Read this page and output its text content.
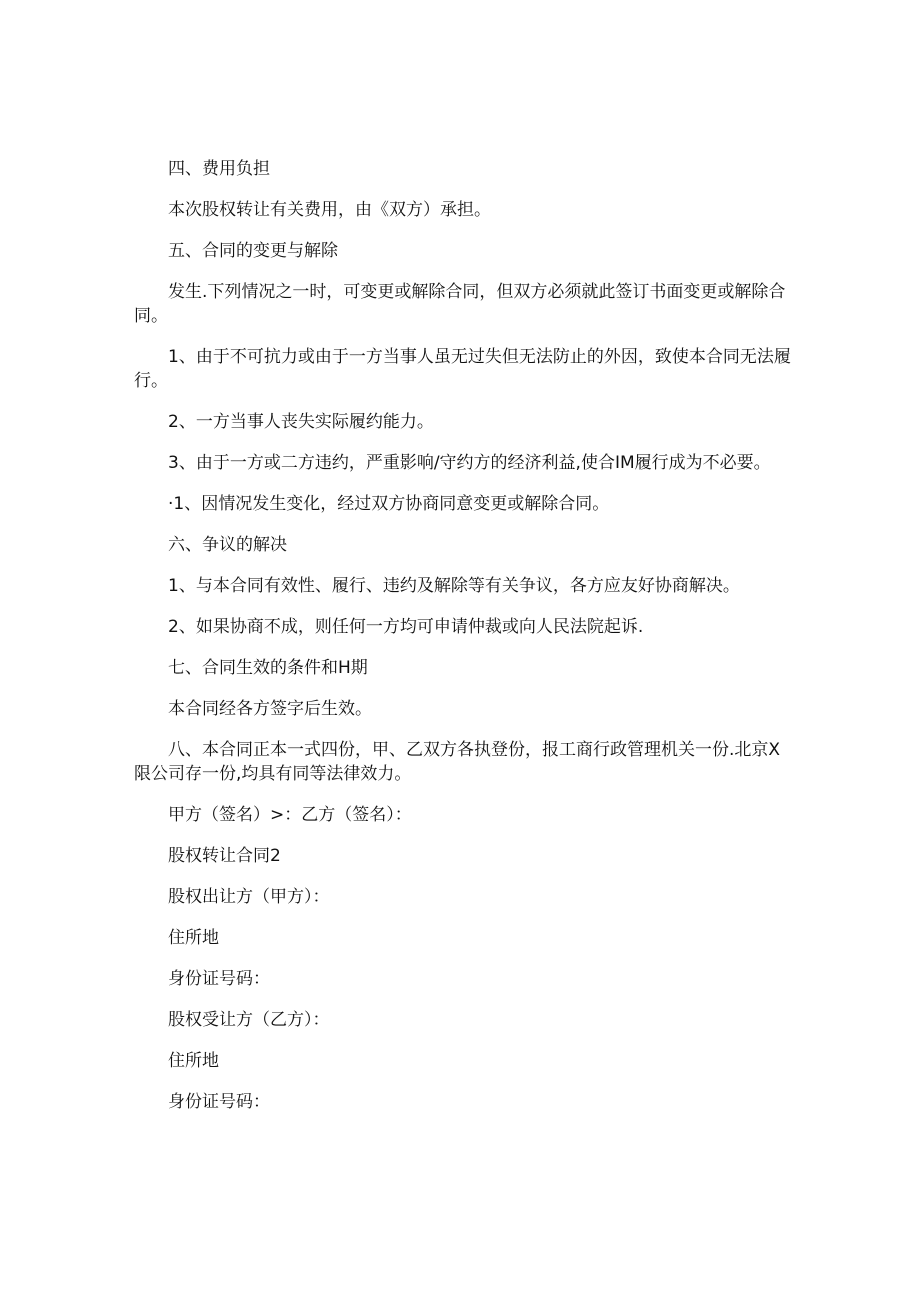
四、费用负担

本次股权转让有关费用，由《双方）承担。

五、合同的变更与解除

发生.下列情况之一时，可变更或解除合同，但双方必须就此签订书面变更或解除合同。

1、由于不可抗力或由于一方当事人虽无过失但无法防止的外因，致使本合同无法履行。

2、一方当事人丧失实际履约能力。

3、由于一方或二方违约，严重影响/守约方的经济利益,使合IM履行成为不必要。

·1、因情况发生变化，经过双方协商同意变更或解除合同。

六、争议的解决

1、与本合同有效性、履行、违约及解除等有关争议，各方应友好协商解决。

2、如果协商不成，则任何一方均可申请仲裁或向人民法院起诉.

七、合同生效的条件和H期

本合同经各方签字后生效。

八、本合同正本一式四份，甲、乙双方各执登份，报工商行政管理机关一份.北京X限公司存一份,均具有同等法律效力。

甲方（签名）>：乙方（签名）：

股权转让合同2

股权出让方（甲方）：

住所地

身份证号码：

股权受让方（乙方）：

住所地

身份证号码：
